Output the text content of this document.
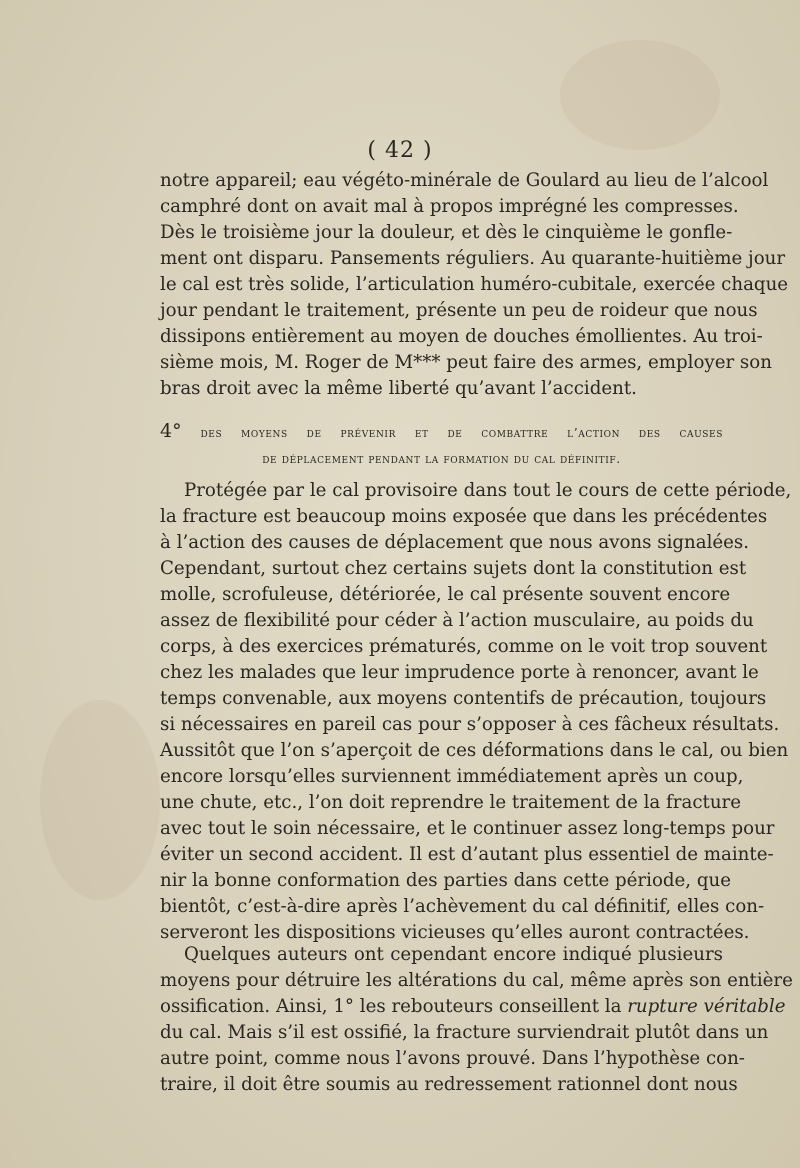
( 42 )
notre appareil; eau végéto-minérale de Goulard au lieu de l’alcool
camphré dont on avait mal à propos imprégné les compresses.
Dès le troisième jour la douleur, et dès le cinquième le gonfle-
ment ont disparu. Pansements réguliers. Au quarante-huitième jour
le cal est très solide, l’articulation huméro-cubitale, exercée chaque
jour pendant le traitement, présente un peu de roideur que nous
dissipons entièrement au moyen de douches émollientes. Au troi-
sième mois, M. Roger de M*** peut faire des armes, employer son
bras droit avec la même liberté qu’avant l’accident.
4° des moyens de prévenir et de combattre l’action des causes
de déplacement pendant la formation du cal définitif.
Protégée par le cal provisoire dans tout le cours de cette période,
la fracture est beaucoup moins exposée que dans les précédentes
à l’action des causes de déplacement que nous avons signalées.
Cependant, surtout chez certains sujets dont la constitution est
molle, scrofuleuse, détériorée, le cal présente souvent encore
assez de flexibilité pour céder à l’action musculaire, au poids du
corps, à des exercices prématurés, comme on le voit trop souvent
chez les malades que leur imprudence porte à renoncer, avant le
temps convenable, aux moyens contentifs de précaution, toujours
si nécessaires en pareil cas pour s’opposer à ces fâcheux résultats.
Aussitôt que l’on s’aperçoit de ces déformations dans le cal, ou bien
encore lorsqu’elles surviennent immédiatement après un coup,
une chute, etc., l’on doit reprendre le traitement de la fracture
avec tout le soin nécessaire, et le continuer assez long-temps pour
éviter un second accident. Il est d’autant plus essentiel de mainte-
nir la bonne conformation des parties dans cette période, que
bientôt, c’est-à-dire après l’achèvement du cal définitif, elles con-
serveront les dispositions vicieuses qu’elles auront contractées.
Quelques auteurs ont cependant encore indiqué plusieurs
moyens pour détruire les altérations du cal, même après son entière
ossification. Ainsi, 1° les rebouteurs conseillent la rupture véritable
du cal. Mais s’il est ossifié, la fracture surviendrait plutôt dans un
autre point, comme nous l’avons prouvé. Dans l’hypothèse con-
traire, il doit être soumis au redressement rationnel dont nous
